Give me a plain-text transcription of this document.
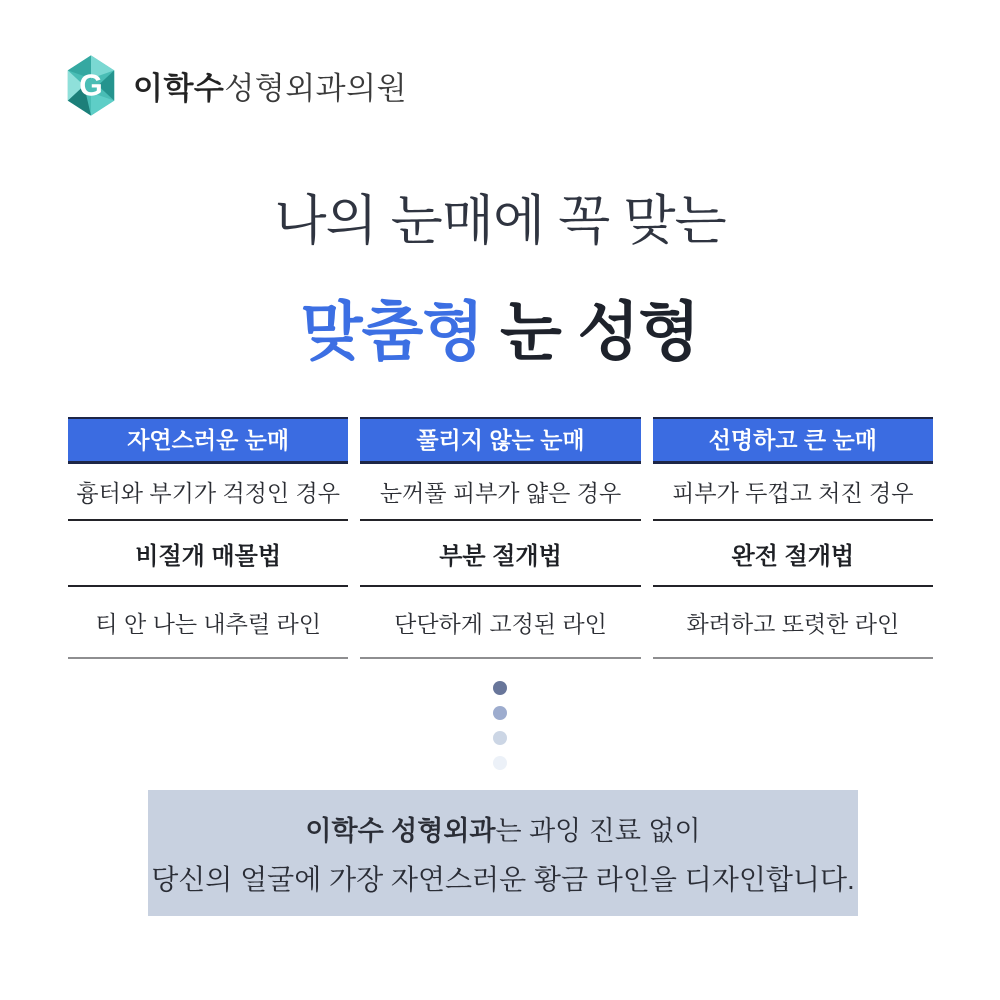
G 이학수성형외과의원
나의 눈매에 꼭 맞는
맞춤형 눈 성형
자연스러운 눈매
흉터와 부기가 걱정인 경우
비절개 매몰법
티 안 나는 내추럴 라인
풀리지 않는 눈매
눈꺼풀 피부가 얇은 경우
부분 절개법
단단하게 고정된 라인
선명하고 큰 눈매
피부가 두껍고 처진 경우
완전 절개법
화려하고 또렷한 라인
이학수 성형외과는 과잉 진료 없이
당신의 얼굴에 가장 자연스러운 황금 라인을 디자인합니다.
